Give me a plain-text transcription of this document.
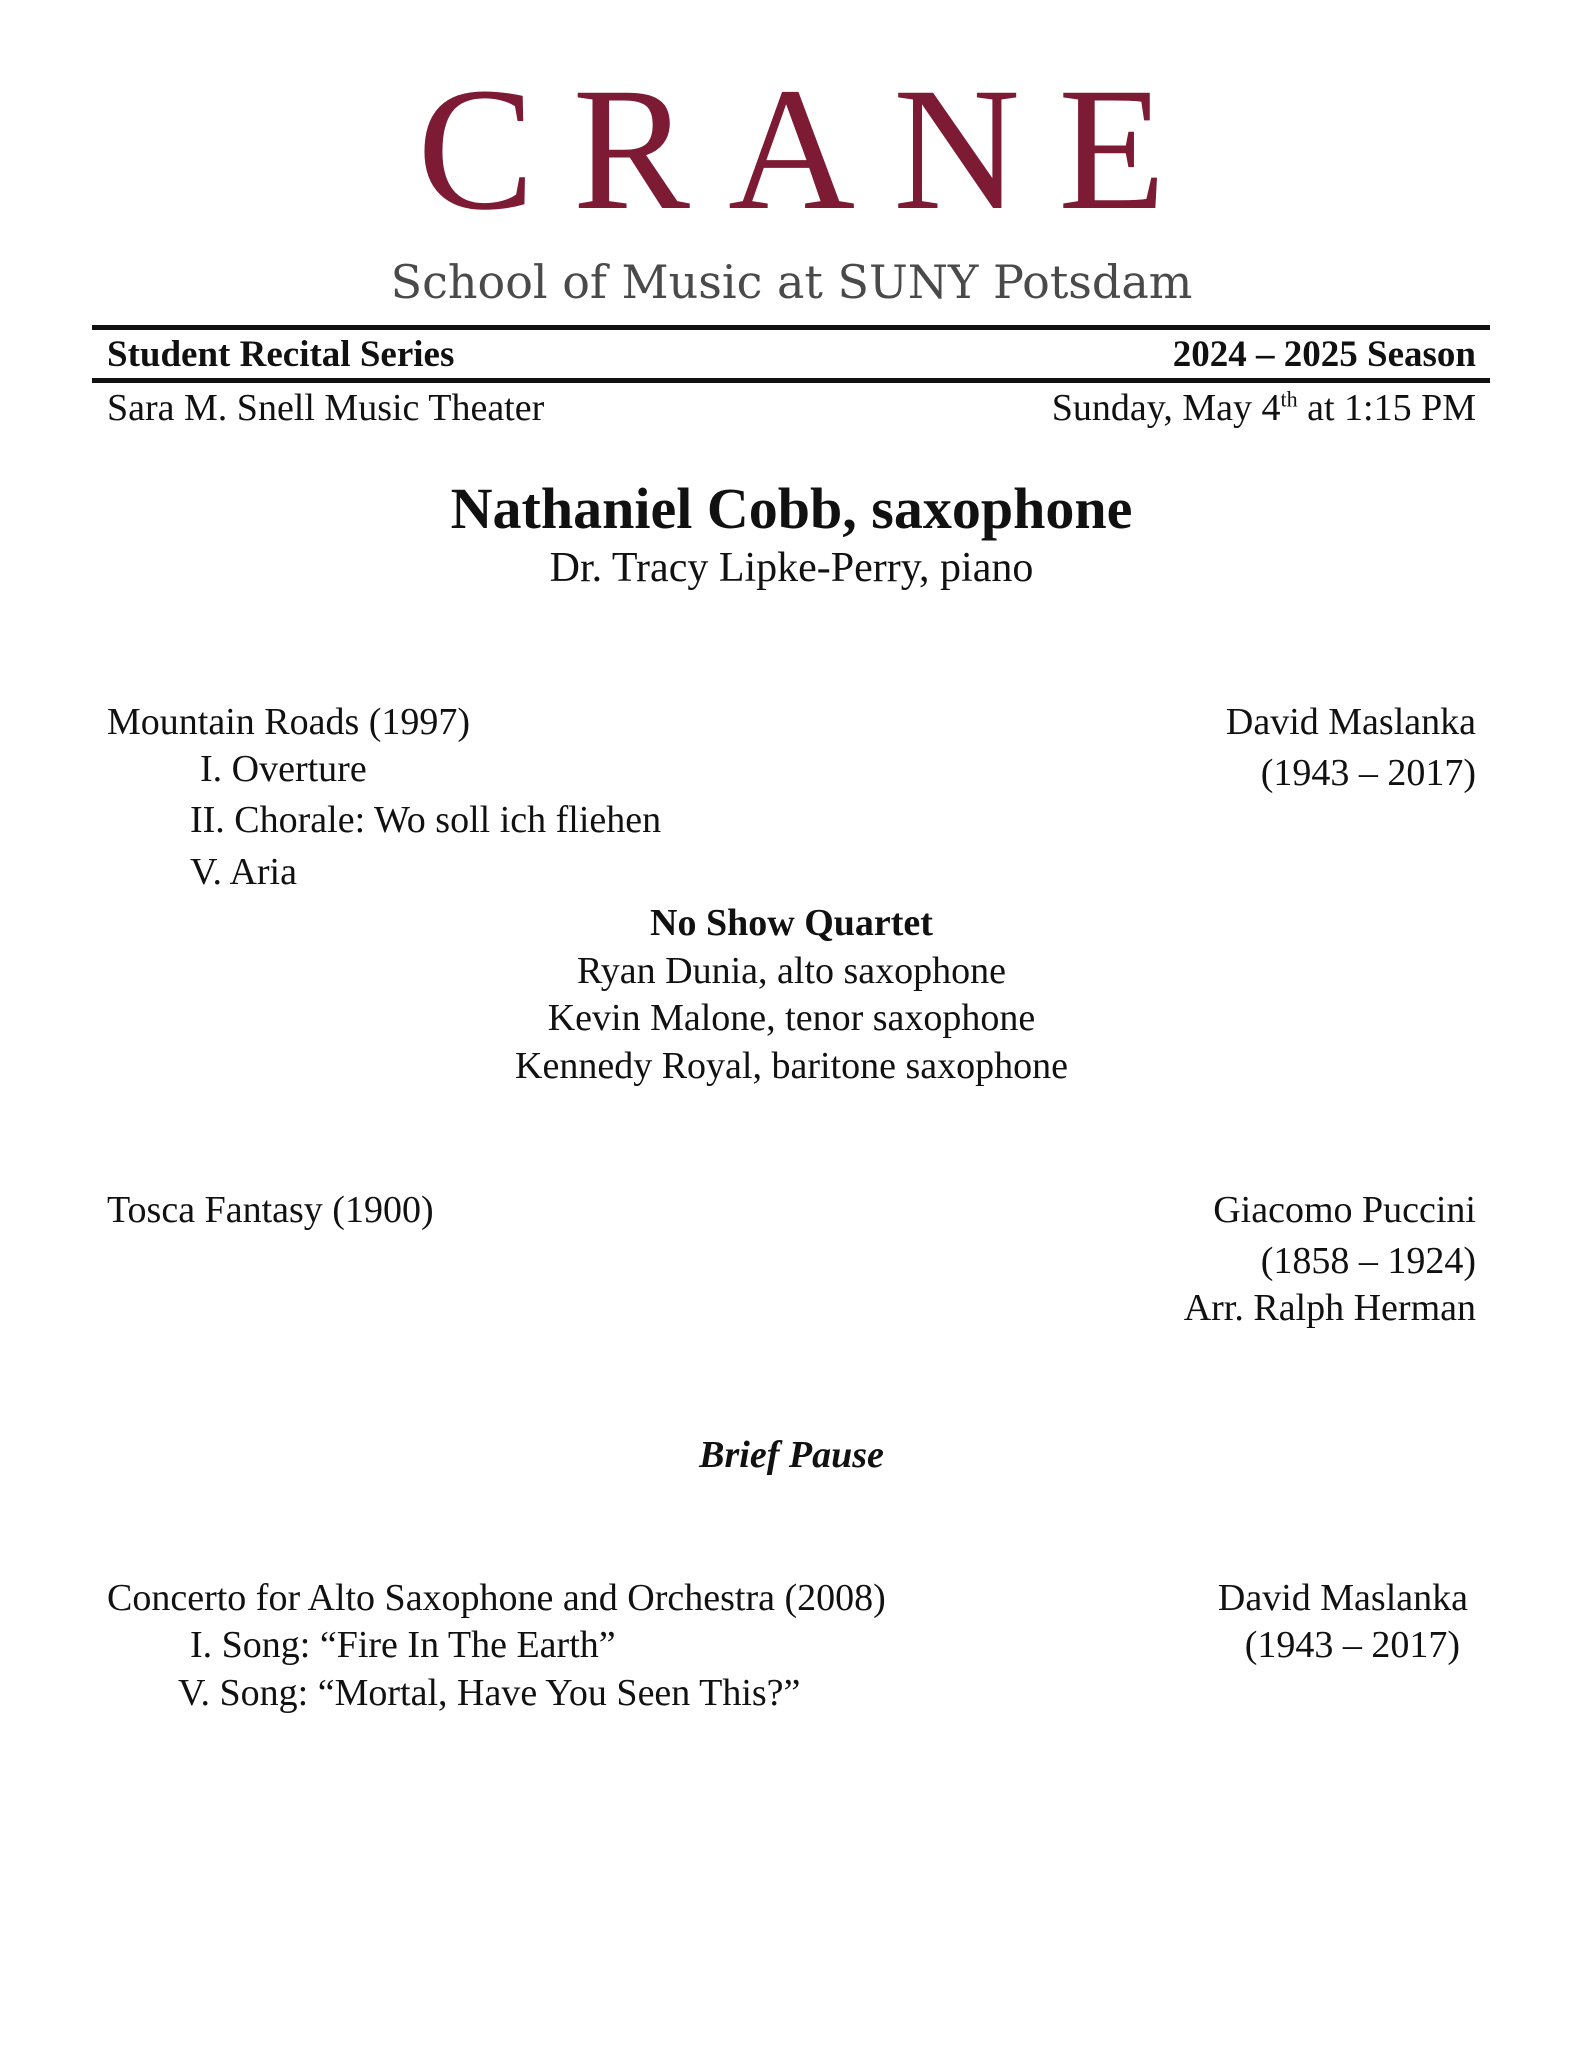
CRANE
School of Music at SUNY Potsdam
Student Recital Series	2024 – 2025 Season
Sara M. Snell Music Theater	Sunday, May 4th at 1:15 PM
Nathaniel Cobb, saxophone
Dr. Tracy Lipke-Perry, piano
Mountain Roads (1997)
I. Overture
II. Chorale: Wo soll ich fliehen
V. Aria
David Maslanka
(1943 – 2017)
No Show Quartet
Ryan Dunia, alto saxophone
Kevin Malone, tenor saxophone
Kennedy Royal, baritone saxophone
Tosca Fantasy (1900)	Giacomo Puccini
(1858 – 1924)
Arr. Ralph Herman
Brief Pause
Concerto for Alto Saxophone and Orchestra (2008)
I. Song: “Fire In The Earth”
V. Song: “Mortal, Have You Seen This?”
David Maslanka
(1943 – 2017)
